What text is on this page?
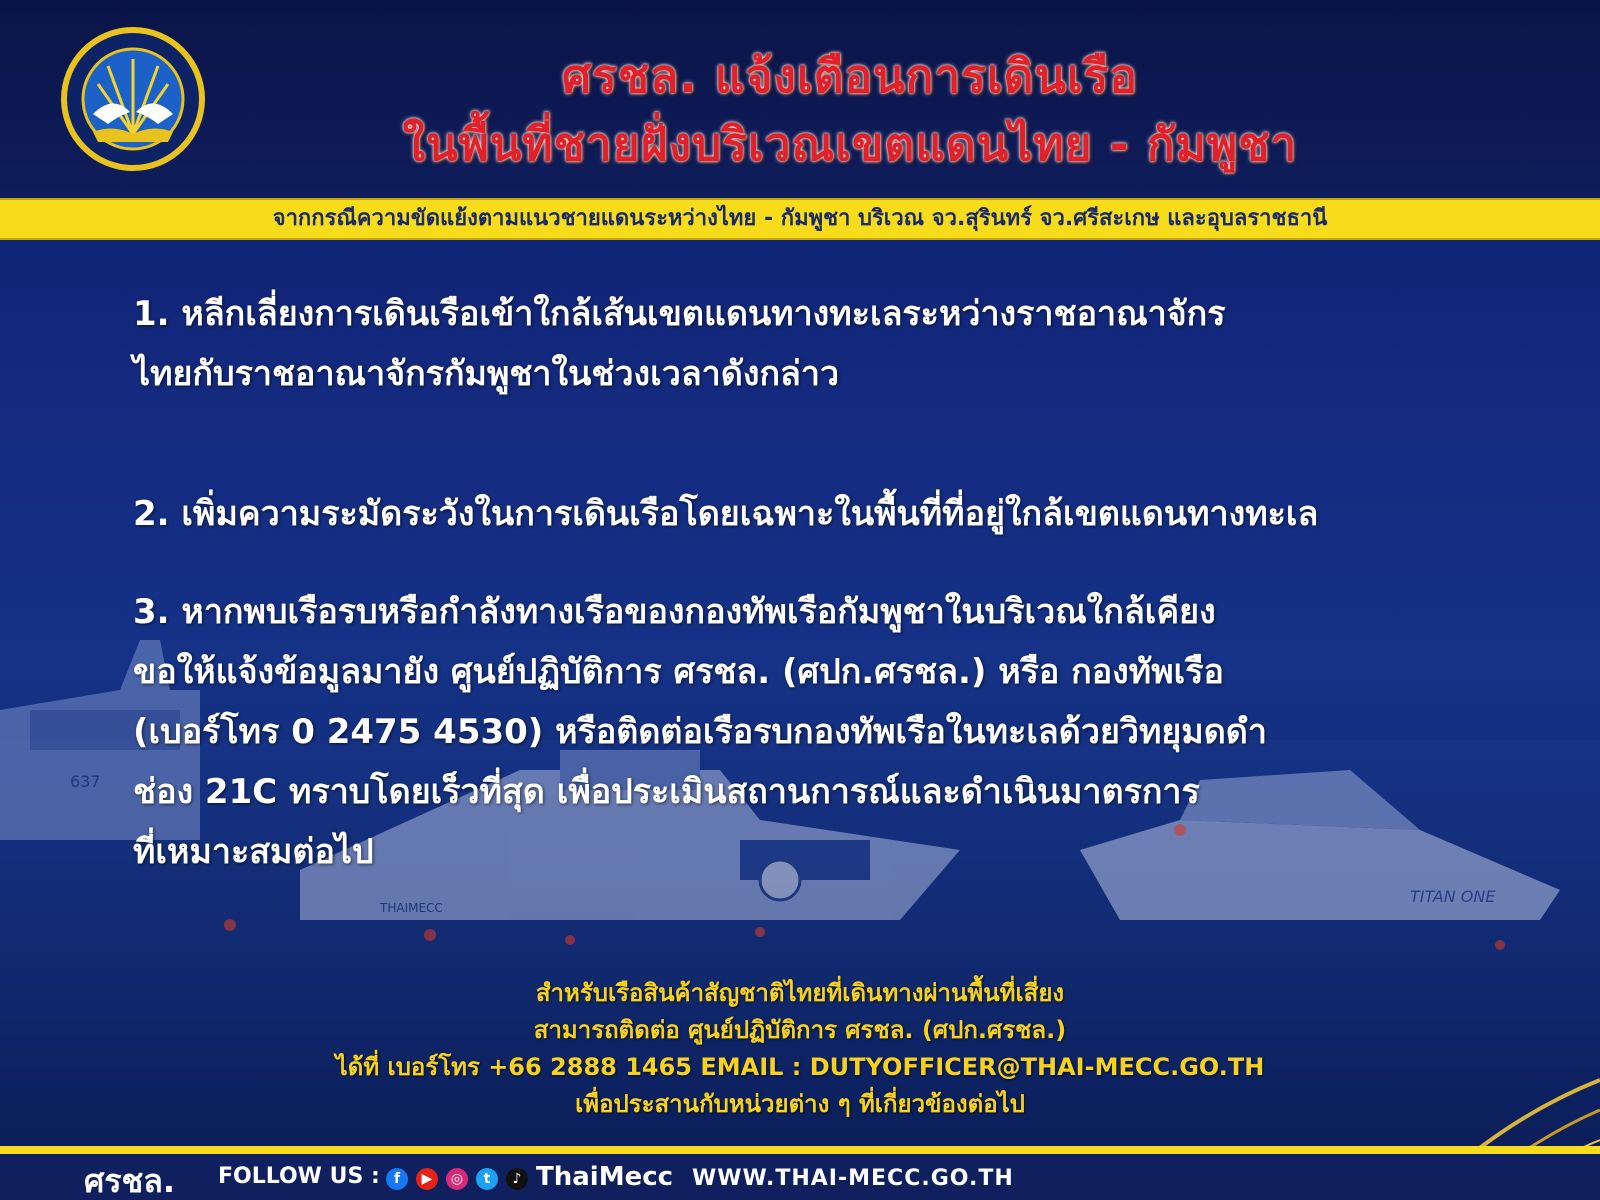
637
THAIMECC
TITAN ONE
ศรชล. แจ้งเตือนการเดินเรือ
ในพื้นที่ชายฝั่งบริเวณเขตแดนไทย - กัมพูชา
จากกรณีความขัดแย้งตามแนวชายแดนระหว่างไทย - กัมพูชา บริเวณ จว.สุรินทร์ จว.ศรีสะเกษ และอุบลราชธานี
1. หลีกเลี่ยงการเดินเรือเข้าใกล้เส้นเขตแดนทางทะเลระหว่างราชอาณาจักร
ไทยกับราชอาณาจักรกัมพูชาในช่วงเวลาดังกล่าว
2. เพิ่มความระมัดระวังในการเดินเรือโดยเฉพาะในพื้นที่ที่อยู่ใกล้เขตแดนทางทะเล
3. หากพบเรือรบหรือกำลังทางเรือของกองทัพเรือกัมพูชาในบริเวณใกล้เคียง
ขอให้แจ้งข้อมูลมายัง ศูนย์ปฏิบัติการ ศรชล. (ศปก.ศรชล.) หรือ กองทัพเรือ
(เบอร์โทร 0 2475 4530) หรือติดต่อเรือรบกองทัพเรือในทะเลด้วยวิทยุมดดำ
ช่อง 21C ทราบโดยเร็วที่สุด เพื่อประเมินสถานการณ์และดำเนินมาตรการ
ที่เหมาะสมต่อไป
สำหรับเรือสินค้าสัญชาติไทยที่เดินทางผ่านพื้นที่เสี่ยง
สามารถติดต่อ ศูนย์ปฏิบัติการ ศรชล. (ศปก.ศรชล.)
ได้ที่ เบอร์โทร +66 2888 1465 EMAIL : DUTYOFFICER@THAI-MECC.GO.TH
เพื่อประสานกับหน่วยต่าง ๆ ที่เกี่ยวข้องต่อไป
ศรชล. FOLLOW US :	f	▶	◎	t	♪ ThaiMecc WWW.THAI-MECC.GO.TH
